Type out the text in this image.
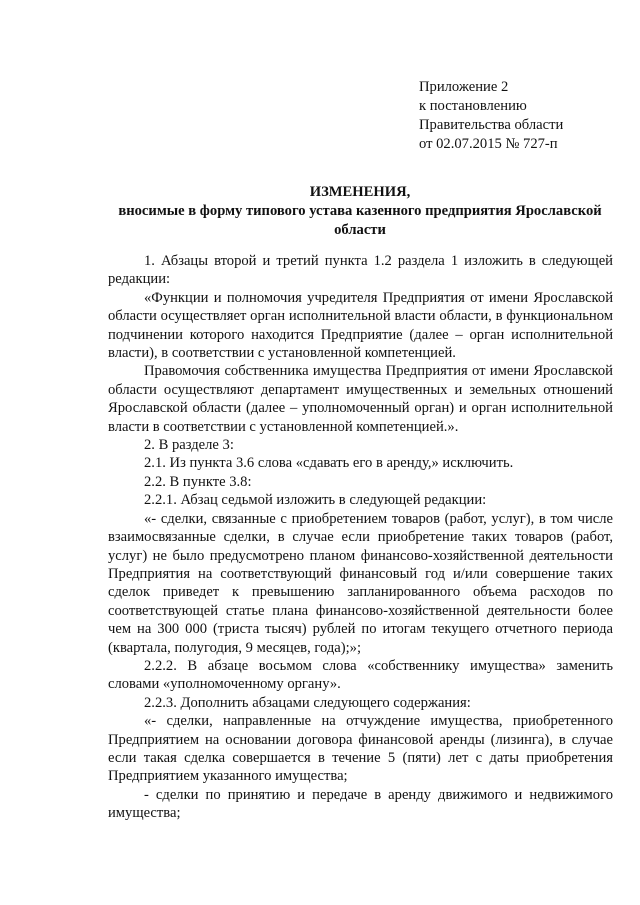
Приложение 2
к постановлению
Правительства области
от 02.07.2015 № 727-п
ИЗМЕНЕНИЯ,
вносимые в форму типового устава казенного предприятия Ярославской области

1. Абзацы второй и третий пункта 1.2 раздела 1 изложить в следующей редакции:

«Функции и полномочия учредителя Предприятия от имени Ярославской области осуществляет орган исполнительной власти области, в функциональном подчинении которого находится Предприятие (далее – орган исполнительной власти), в соответствии с установленной компетенцией.

Правомочия собственника имущества Предприятия от имени Ярославской области осуществляют департамент имущественных и земельных отношений Ярославской области (далее – уполномоченный орган) и орган исполнительной власти в соответствии с установленной компетенцией.».

2. В разделе 3:

2.1. Из пункта 3.6 слова «сдавать его в аренду,» исключить.

2.2. В пункте 3.8:

2.2.1. Абзац седьмой изложить в следующей редакции:

«- сделки, связанные с приобретением товаров (работ, услуг), в том числе взаимосвязанные сделки, в случае если приобретение таких товаров (работ, услуг) не было предусмотрено планом финансово-хозяйственной деятельности Предприятия на соответствующий финансовый год и/или совершение таких сделок приведет к превышению запланированного объема расходов по соответствующей статье плана финансово-хозяйственной деятельности более чем на 300 000 (триста тысяч) рублей по итогам текущего отчетного периода (квартала, полугодия, 9 месяцев, года);»;

2.2.2. В абзаце восьмом слова «собственнику имущества» заменить словами «уполномоченному органу».

2.2.3. Дополнить абзацами следующего содержания:

«- сделки, направленные на отчуждение имущества, приобретенного Предприятием на основании договора финансовой аренды (лизинга), в случае если такая сделка совершается в течение 5 (пяти) лет с даты приобретения Предприятием указанного имущества;

- сделки по принятию и передаче в аренду движимого и недвижимого имущества;
